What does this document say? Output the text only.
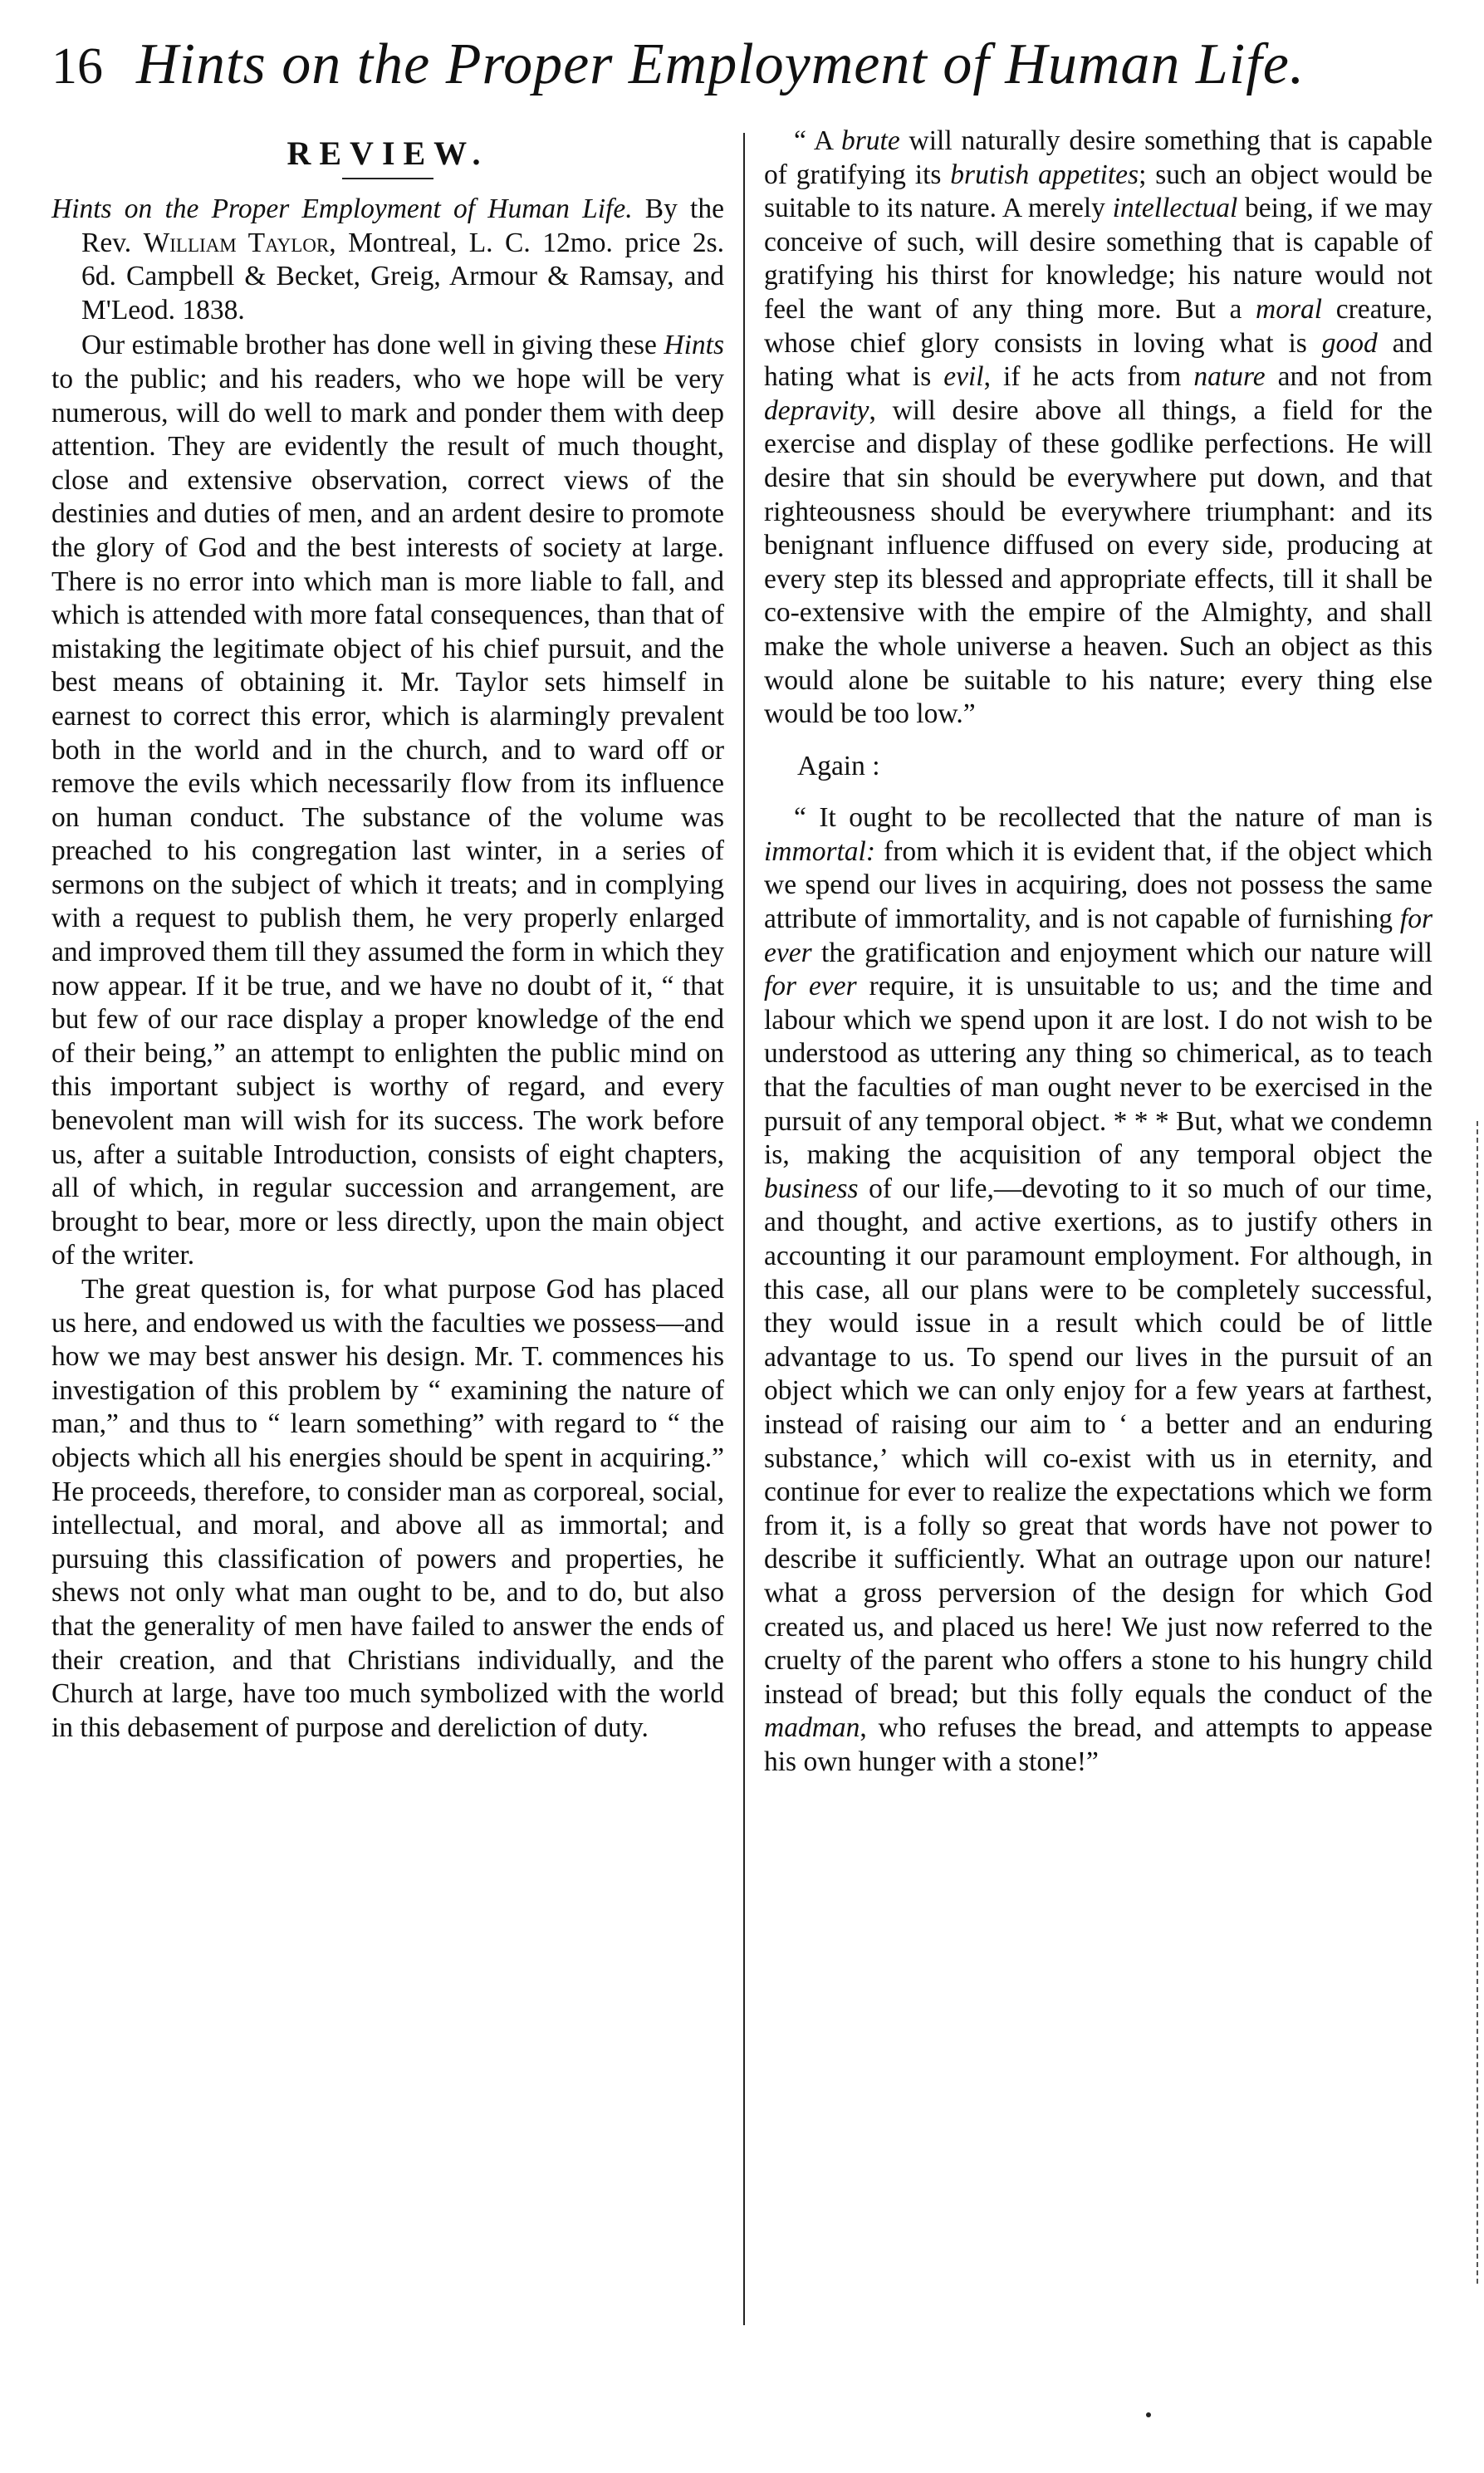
16 Hints on the Proper Employment of Human Life.
REVIEW.

Hints on the Proper Employment of Human Life. By the Rev. William Taylor, Montreal, L. C. 12mo. price 2s. 6d. Campbell & Becket, Greig, Armour & Ramsay, and M'Leod. 1838.

Our estimable brother has done well in giving these Hints to the public; and his readers, who we hope will be very numerous, will do well to mark and ponder them with deep attention. They are evidently the result of much thought, close and extensive observation, correct views of the destinies and duties of men, and an ardent desire to promote the glory of God and the best interests of society at large. There is no error into which man is more liable to fall, and which is attended with more fatal consequences, than that of mistaking the legitimate object of his chief pursuit, and the best means of obtaining it. Mr. Taylor sets himself in earnest to correct this error, which is alarmingly prevalent both in the world and in the church, and to ward off or remove the evils which necessarily flow from its influence on human conduct. The substance of the volume was preached to his congregation last winter, in a series of sermons on the subject of which it treats; and in complying with a request to publish them, he very properly enlarged and improved them till they assumed the form in which they now appear. If it be true, and we have no doubt of it, “ that but few of our race display a proper knowledge of the end of their being,” an attempt to enlighten the public mind on this important subject is worthy of regard, and every benevolent man will wish for its success. The work before us, after a suitable Introduction, consists of eight chapters, all of which, in regular succession and arrangement, are brought to bear, more or less directly, upon the main object of the writer.

The great question is, for what purpose God has placed us here, and endowed us with the faculties we possess—and how we may best answer his design. Mr. T. commences his investigation of this problem by “ examining the nature of man,” and thus to “ learn something” with regard to “ the objects which all his energies should be spent in acquiring.” He proceeds, therefore, to consider man as corporeal, social, intellectual, and moral, and above all as immortal; and pursuing this classification of powers and properties, he shews not only what man ought to be, and to do, but also that the generality of men have failed to answer the ends of their creation, and that Christians individually, and the Church at large, have too much symbolized with the world in this debasement of purpose and dereliction of duty.

“ A brute will naturally desire something that is capable of gratifying its brutish appetites; such an object would be suitable to its nature. A merely intellectual being, if we may conceive of such, will desire something that is capable of gratifying his thirst for knowledge; his nature would not feel the want of any thing more. But a moral creature, whose chief glory consists in loving what is good and hating what is evil, if he acts from nature and not from depravity, will desire above all things, a field for the exercise and display of these godlike perfections. He will desire that sin should be everywhere put down, and that righteousness should be everywhere triumphant: and its benignant influence diffused on every side, producing at every step its blessed and appropriate effects, till it shall be co-extensive with the empire of the Almighty, and shall make the whole universe a heaven. Such an object as this would alone be suitable to his nature; every thing else would be too low.”

Again :

“ It ought to be recollected that the nature of man is immortal: from which it is evident that, if the object which we spend our lives in acquiring, does not possess the same attribute of immortality, and is not capable of furnishing for ever the gratification and enjoyment which our nature will for ever require, it is unsuitable to us; and the time and labour which we spend upon it are lost. I do not wish to be understood as uttering any thing so chimerical, as to teach that the faculties of man ought never to be exercised in the pursuit of any temporal object. * * * But, what we condemn is, making the acquisition of any temporal object the business of our life,—devoting to it so much of our time, and thought, and active exertions, as to justify others in accounting it our paramount employment. For although, in this case, all our plans were to be completely successful, they would issue in a result which could be of little advantage to us. To spend our lives in the pursuit of an object which we can only enjoy for a few years at farthest, instead of raising our aim to ‘ a better and an enduring substance,’ which will co-exist with us in eternity, and continue for ever to realize the expectations which we form from it, is a folly so great that words have not power to describe it sufficiently. What an outrage upon our nature! what a gross perversion of the design for which God created us, and placed us here! We just now referred to the cruelty of the parent who offers a stone to his hungry child instead of bread; but this folly equals the conduct of the madman, who refuses the bread, and attempts to appease his own hunger with a stone!”
